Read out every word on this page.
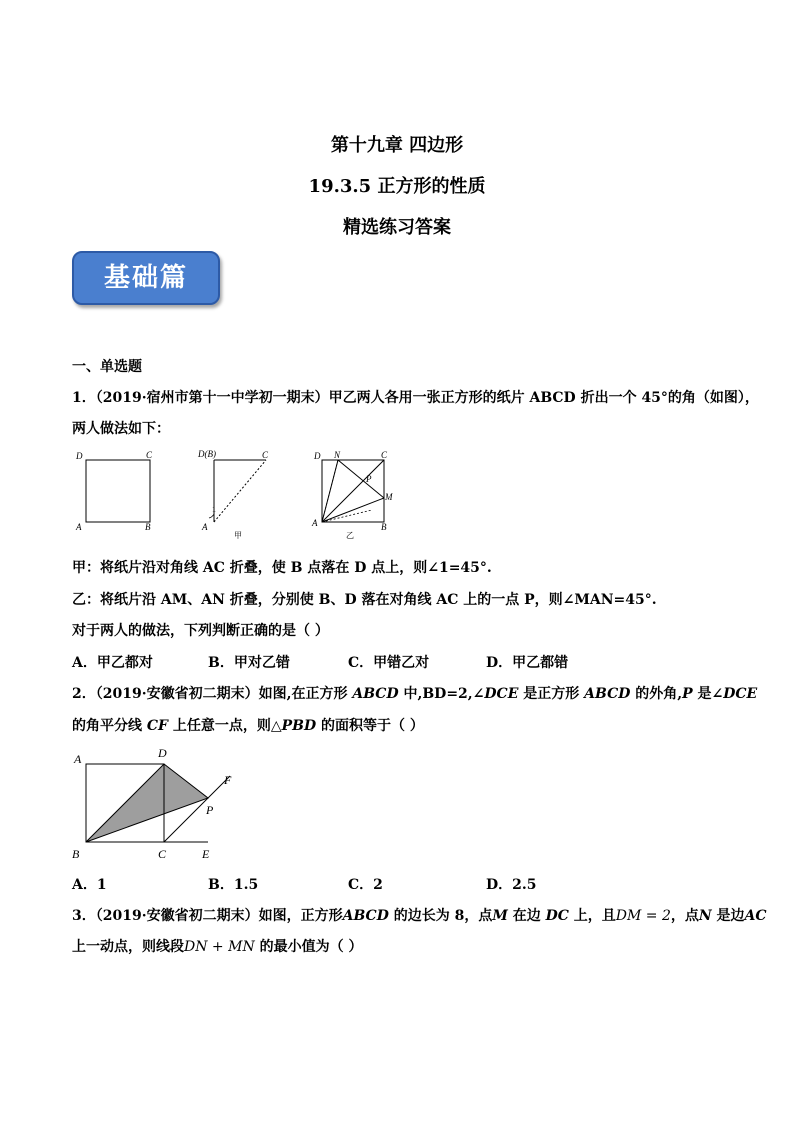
第十九章 四边形
19.3.5 正方形的性质
精选练习答案
基础篇
一、单选题
1．（2019·宿州市第十一中学初一期末）甲乙两人各用一张正方形的纸片 ABCD 折出一个 45°的角（如图），
两人做法如下：
D	C
A	B
D(B)	C
1
A
甲
D N	C
P
M
A	B
乙
甲：将纸片沿对角线 AC 折叠，使 B 点落在 D 点上，则∠1=45°.
乙：将纸片沿 AM、AN 折叠，分别使 B、D 落在对角线 AC 上的一点 P，则∠MAN=45°.
对于两人的做法，下列判断正确的是（ ）
A．甲乙都对	B．甲对乙错	C．甲错乙对	D．甲乙都错
2．（2019·安徽省初二期末）如图,在正方形 ABCD 中,BD=2,∠DCE 是正方形 ABCD 的外角,P 是∠DCE
的角平分线 CF 上任意一点，则△PBD 的面积等于（ ）
A	D
F
P
B	C	E
A．1	B．1.5	C．2	D．2.5
3．（2019·安徽省初二期末）如图，正方形ABCD 的边长为 8，点M 在边 DC 上，且DM = 2，点N 是边AC
上一动点，则线段DN + MN 的最小值为（ ）
